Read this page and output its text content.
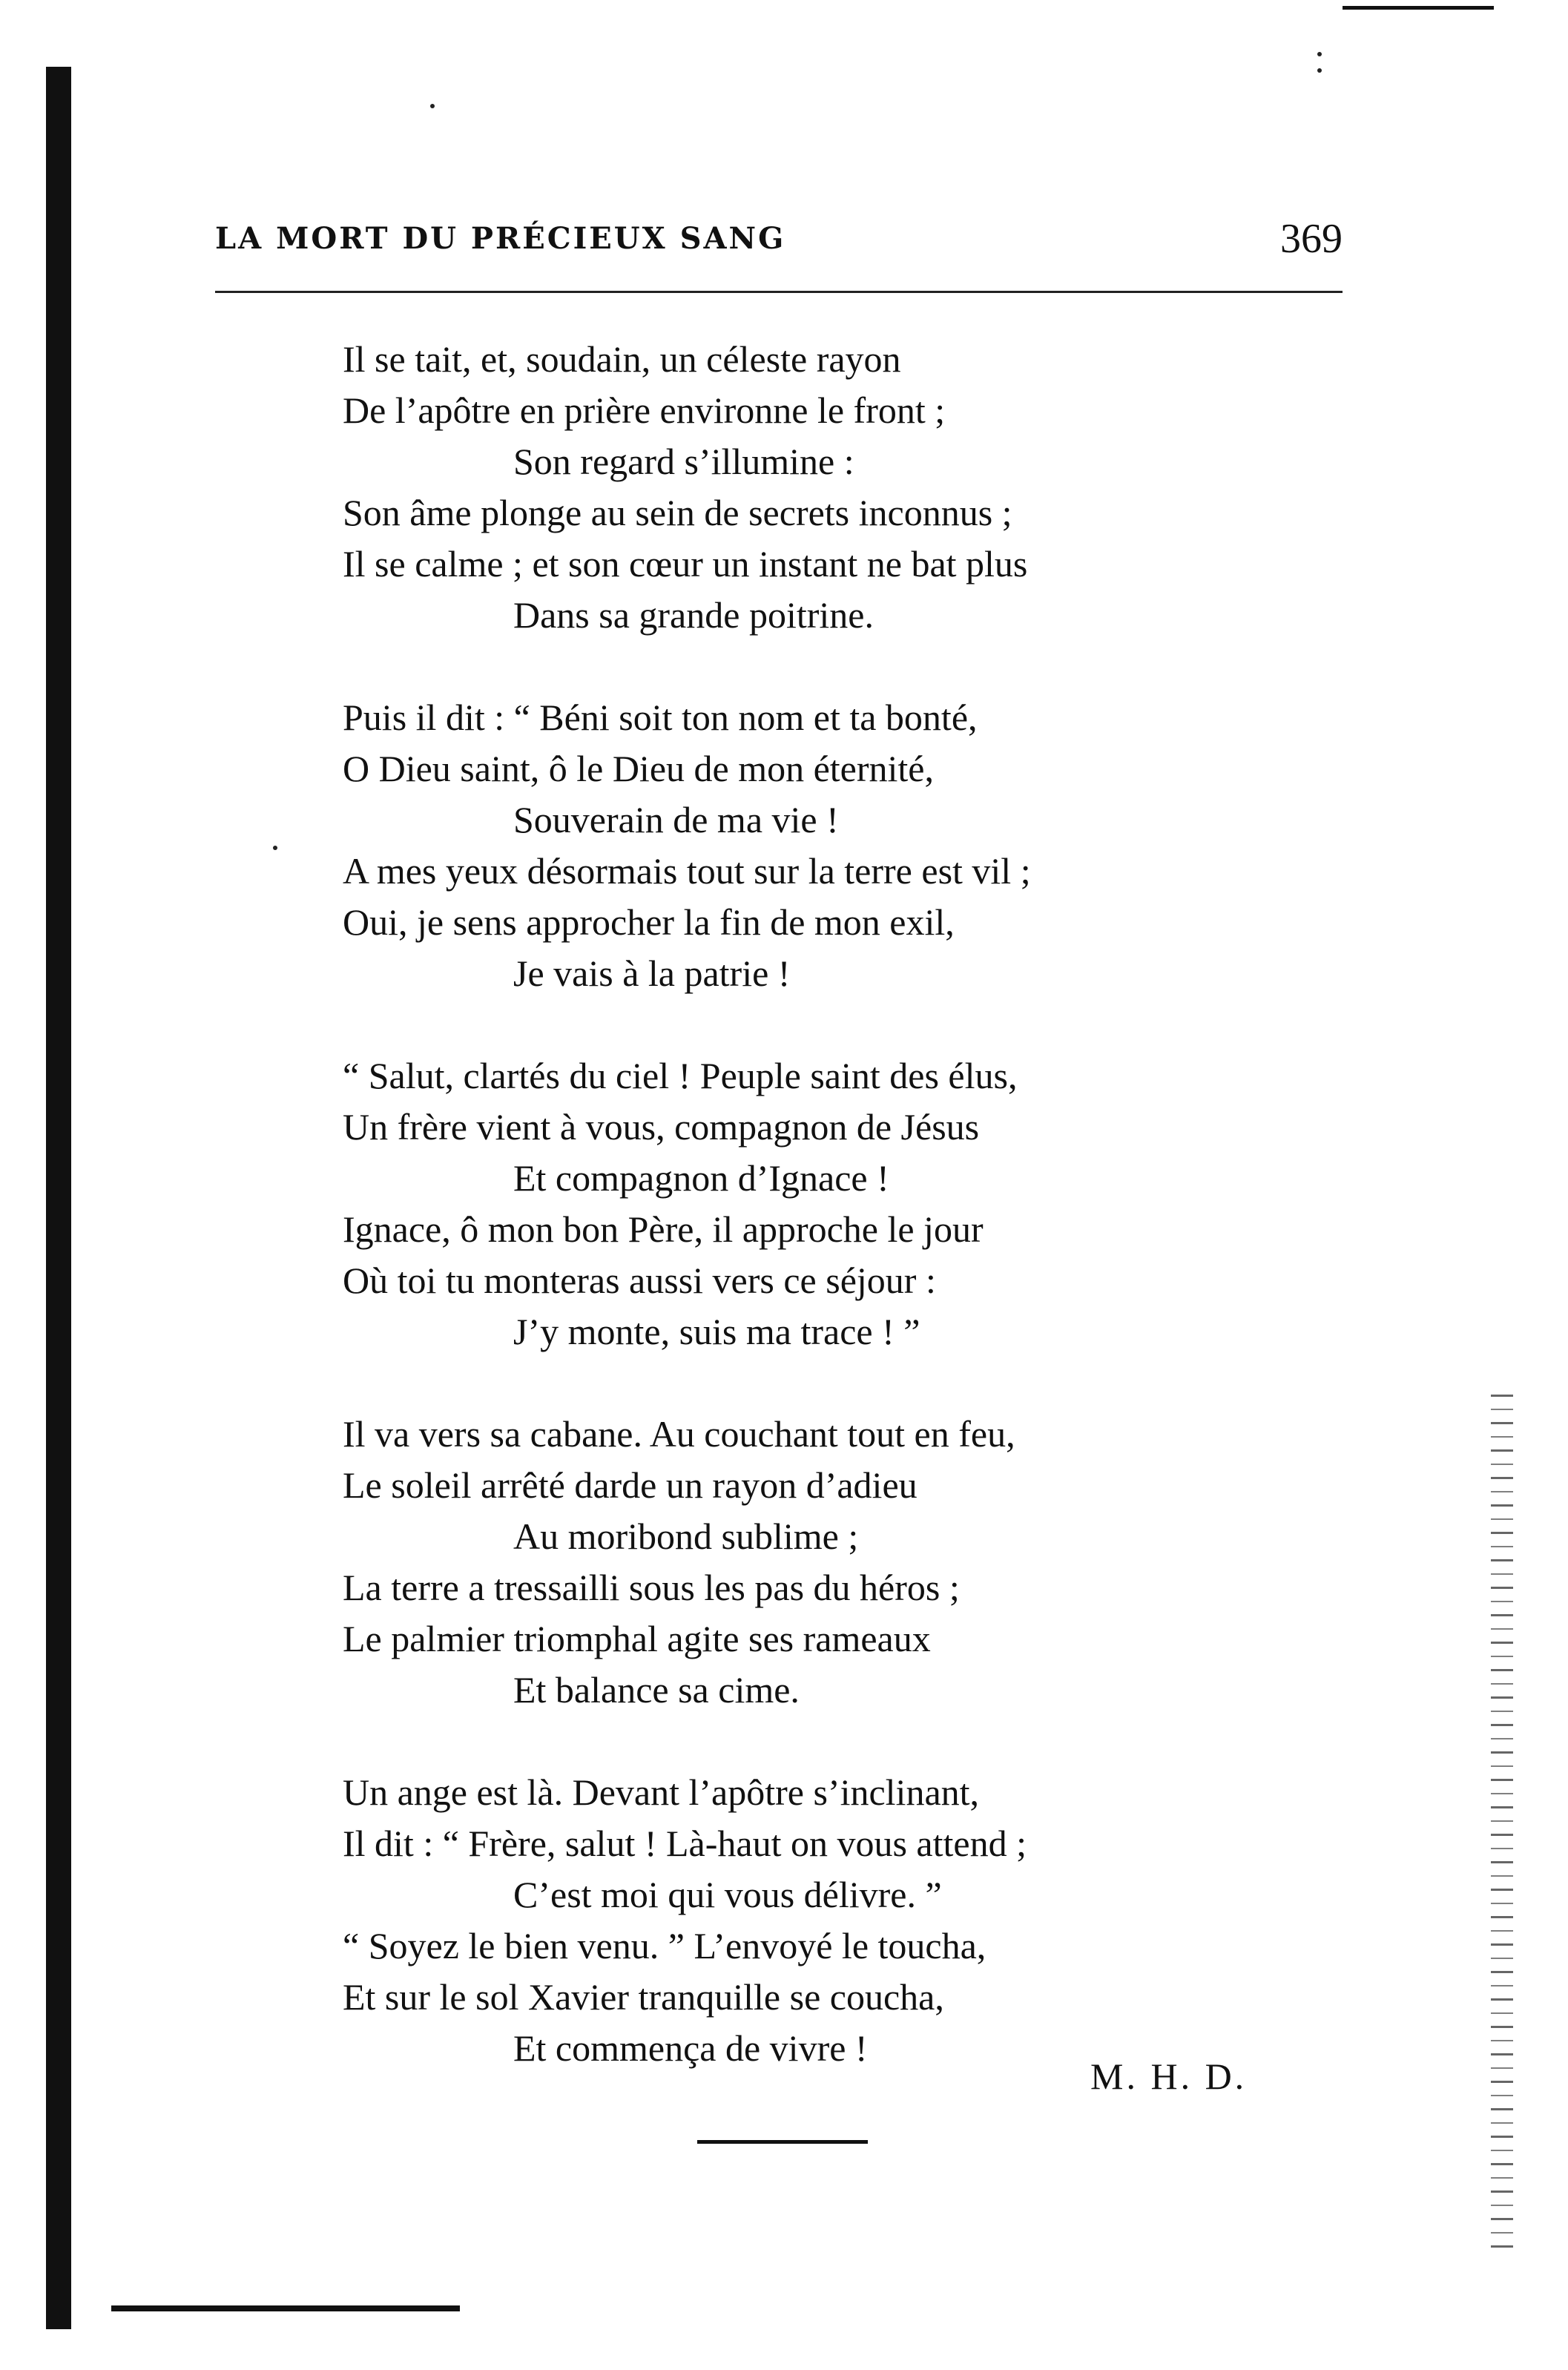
LA MORT DU PRÉCIEUX SANG	369
Il se tait, et, soudain, un céleste rayon
De l’apôtre en prière environne le front ;
Son regard s’illumine :
Son âme plonge au sein de secrets inconnus ;
Il se calme ; et son cœur un instant ne bat plus
Dans sa grande poitrine.
Puis il dit : “ Béni soit ton nom et ta bonté,
O Dieu saint, ô le Dieu de mon éternité,
Souverain de ma vie !
A mes yeux désormais tout sur la terre est vil ;
Oui, je sens approcher la fin de mon exil,
Je vais à la patrie !
“ Salut, clartés du ciel ! Peuple saint des élus,
Un frère vient à vous, compagnon de Jésus
Et compagnon d’Ignace !
Ignace, ô mon bon Père, il approche le jour
Où toi tu monteras aussi vers ce séjour :
J’y monte, suis ma trace ! ”
Il va vers sa cabane. Au couchant tout en feu,
Le soleil arrêté darde un rayon d’adieu
Au moribond sublime ;
La terre a tressailli sous les pas du héros ;
Le palmier triomphal agite ses rameaux
Et balance sa cime.
Un ange est là. Devant l’apôtre s’inclinant,
Il dit : “ Frère, salut ! Là-haut on vous attend ;
C’est moi qui vous délivre. ”
“ Soyez le bien venu. ” L’envoyé le toucha,
Et sur le sol Xavier tranquille se coucha,
Et commença de vivre !
M. H. D.
